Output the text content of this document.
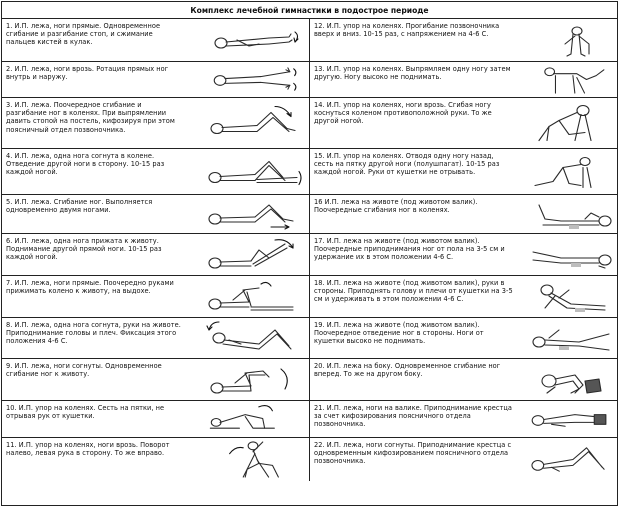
Комплекс лечебной гимнастики в подострое периоде
1. И.П. лежа, ноги прямые. Одновременное сгибание и разгибание стоп, и сжимание пальцев кистей в кулак.
2. И.П. лежа, ноги врозь. Ротация прямых ног внутрь и наружу.
3. И.П. лежа. Поочередное сгибание и разгибание ног в коленях. При выпрямлении давить стопой на постель, кифозируя при этом поясничный отдел позвоночника.
4. И.П. лежа, одна нога согнута в колене. Отведение другой ноги в сторону. 10-15 раз каждой ногой.
5. И.П. лежа. Сгибание ног. Выполняется одновременно двумя ногами.
6. И.П. лежа, одна нога прижата к животу. Поднимание другой прямой ноги. 10-15 раз каждой ногой.
7. И.П. лежа, ноги прямые. Поочередно руками прижимать колено к животу, на выдохе.
8. И.П. лежа, одна нога согнута, руки на животе. Приподнимание головы и плеч. Фиксация этого положения 4-6 С.
9. И.П. лежа, ноги согнуты. Одновременное сгибание ног к животу.
10. И.П. упор на коленях. Сесть на пятки, не отрывая рук от кушетки.
11. И.П. упор на коленях, ноги врозь. Поворот налево, левая рука в сторону. То же вправо.
12. И.П. упор на коленях. Прогибание позвоночника вверх и вниз. 10-15 раз, с напряжением на 4-6 С.
13. И.П. упор на коленях. Выпрямляем одну ногу затем другую. Ногу высоко не поднимать.
14. И.П. упор на коленях, ноги врозь. Сгибая ногу коснуться коленом противоположной руки. То же другой ногой.
15. И.П. упор на коленях. Отводя одну ногу назад, сесть на пятку другой ноги (полушпагат). 10-15 раз каждой ногой. Руки от кушетки не отрывать.
16 И.П. лежа на животе (под животом валик). Поочередные сгибания ног в коленях.
17. И.П. лежа на животе (под животом валик). Поочередные приподнимания ног от пола на 3-5 см и удержание их в этом положении 4-6 С.
18. И.П. лежа на животе (под животом валик), руки в стороны. Приподнять голову и плечи от кушетки на 3-5 см и удерживать в этом положении 4-6 С.
19. И.П. лежа на животе (под животом валик). Поочередное отведение ног в стороны. Ноги от кушетки высоко не поднимать.
20. И.П. лежа на боку. Одновременное сгибание ног вперед. То же на другом боку.
21. И.П. лежа, ноги на валике. Приподнимание крестца за счет кифозирования поясничного отдела позвоночника.
22. И.П. лежа, ноги согнуты. Приподнимание крестца с одновременным кифозированием поясничного отдела позвоночника.
